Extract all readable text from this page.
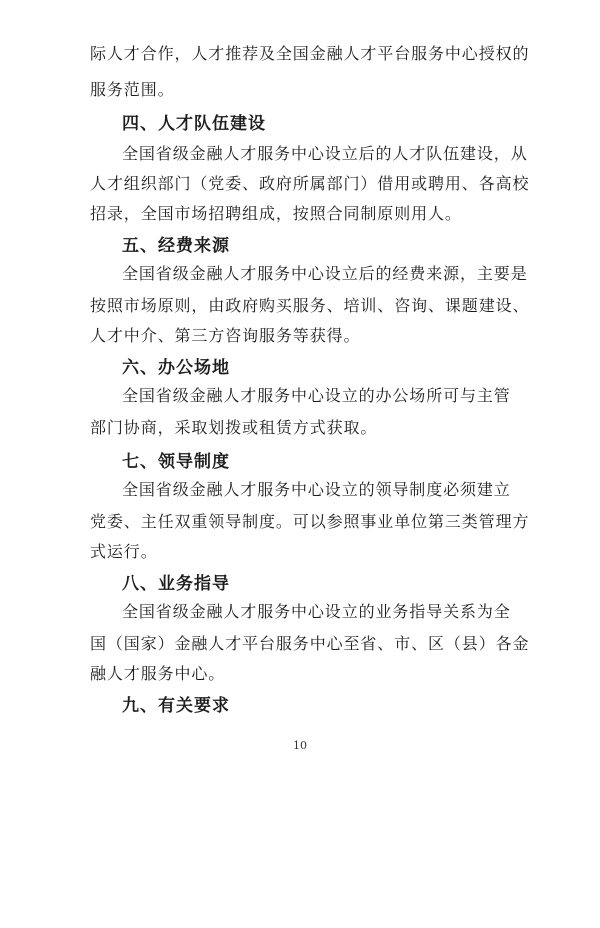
际人才合作，人才推荐及全国金融人才平台服务中心授权的
服务范围。
四、人才队伍建设
全国省级金融人才服务中心设立后的人才队伍建设，从
人才组织部门（党委、政府所属部门）借用或聘用、各高校
招录，全国市场招聘组成，按照合同制原则用人。
五、经费来源
全国省级金融人才服务中心设立后的经费来源，主要是
按照市场原则，由政府购买服务、培训、咨询、课题建设、
人才中介、第三方咨询服务等获得。
六、办公场地
全国省级金融人才服务中心设立的办公场所可与主管
部门协商，采取划拨或租赁方式获取。
七、领导制度
全国省级金融人才服务中心设立的领导制度必须建立
党委、主任双重领导制度。可以参照事业单位第三类管理方
式运行。
八、业务指导
全国省级金融人才服务中心设立的业务指导关系为全
国（国家）金融人才平台服务中心至省、市、区（县）各金
融人才服务中心。
九、有关要求
10
